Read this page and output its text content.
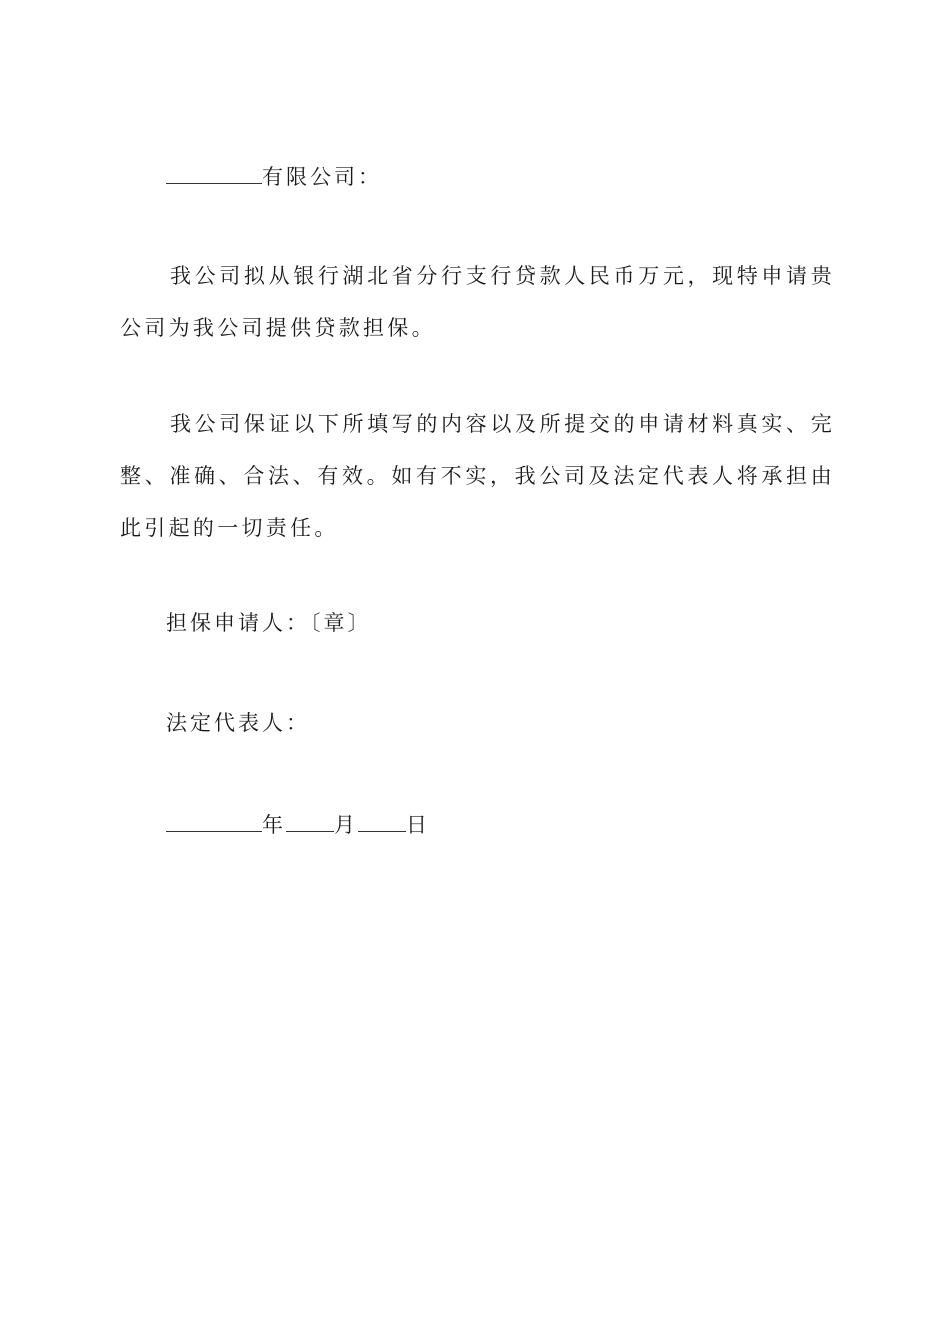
有限公司：

我公司拟从银行湖北省分行支行贷款人民币万元，现特申请贵公司为我公司提供贷款担保。

我公司保证以下所填写的内容以及所提交的申请材料真实、完整、准确、合法、有效。如有不实，我公司及法定代表人将承担由此引起的一切责任。

担保申请人：〔章〕
法定代表人：
年 月 日
